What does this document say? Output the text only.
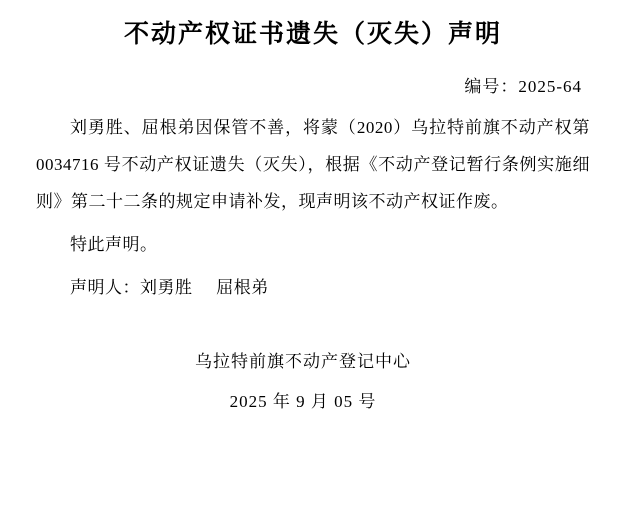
不动产权证书遗失（灭失）声明
编号：2025-64

刘勇胜、屈根弟因保管不善，将蒙（2020）乌拉特前旗不动产权第 0034716 号不动产权证遗失（灭失），根据《不动产登记暂行条例实施细则》第二十二条的规定申请补发，现声明该不动产权证作废。

特此声明。

声明人：刘勇胜 屈根弟
乌拉特前旗不动产登记中心
2025 年 9 月 05 号
